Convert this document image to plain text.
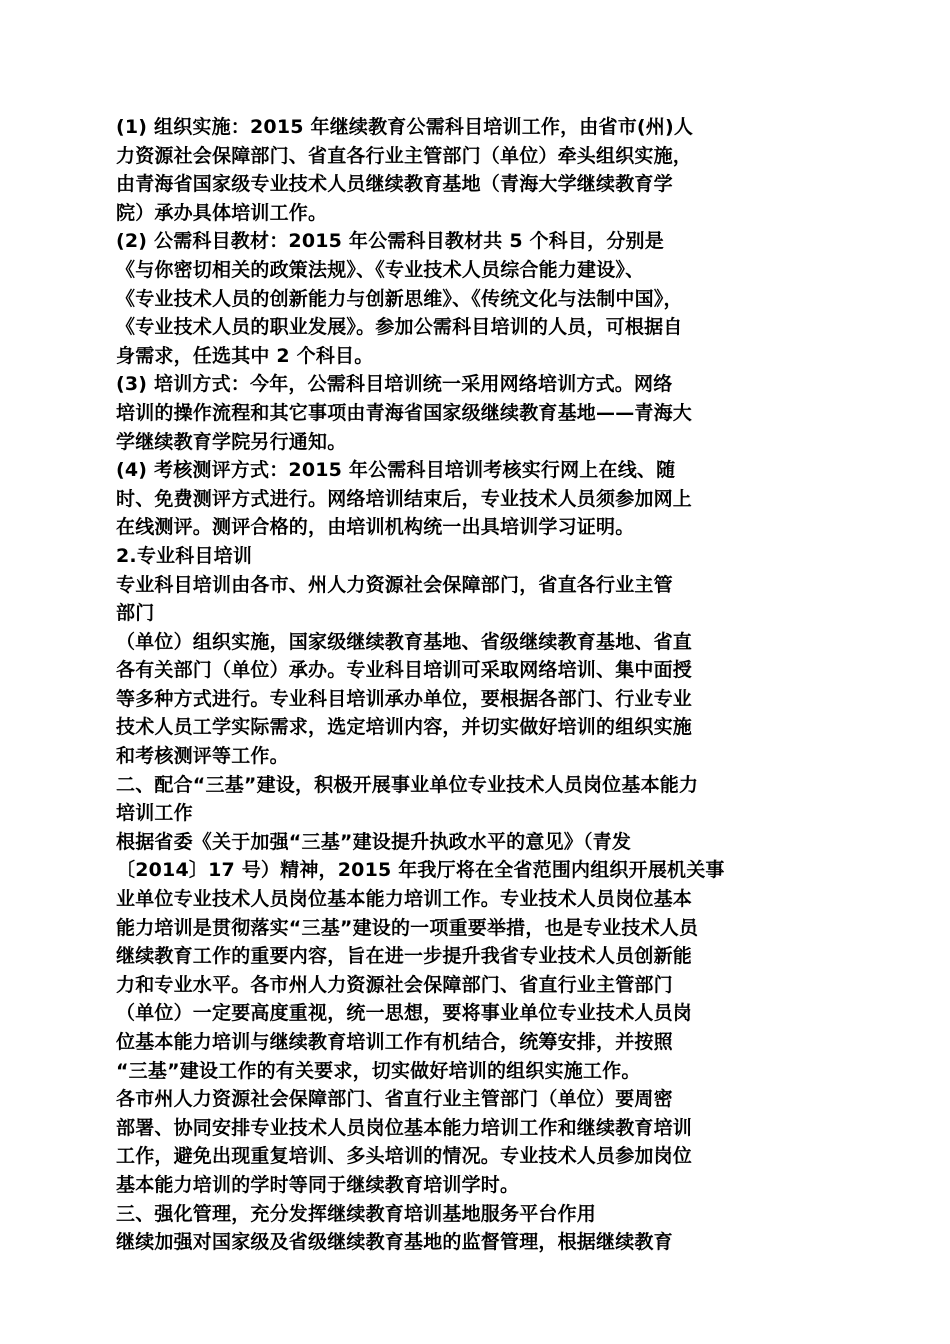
(1) 组织实施：2015 年继续教育公需科目培训工作，由省市(州)人
力资源社会保障部门、省直各行业主管部门（单位）牵头组织实施，
由青海省国家级专业技术人员继续教育基地（青海大学继续教育学
院）承办具体培训工作。
(2) 公需科目教材：2015 年公需科目教材共 5 个科目，分别是
《与你密切相关的政策法规》、《专业技术人员综合能力建设》、
《专业技术人员的创新能力与创新思维》、《传统文化与法制中国》，
《专业技术人员的职业发展》。参加公需科目培训的人员，可根据自
身需求，任选其中 2 个科目。
(3) 培训方式：今年，公需科目培训统一采用网络培训方式。网络
培训的操作流程和其它事项由青海省国家级继续教育基地——青海大
学继续教育学院另行通知。
(4) 考核测评方式：2015 年公需科目培训考核实行网上在线、随
时、免费测评方式进行。网络培训结束后，专业技术人员须参加网上
在线测评。测评合格的，由培训机构统一出具培训学习证明。
2.专业科目培训
专业科目培训由各市、州人力资源社会保障部门，省直各行业主管
部门
（单位）组织实施，国家级继续教育基地、省级继续教育基地、省直
各有关部门（单位）承办。专业科目培训可采取网络培训、集中面授
等多种方式进行。专业科目培训承办单位，要根据各部门、行业专业
技术人员工学实际需求，选定培训内容，并切实做好培训的组织实施
和考核测评等工作。
二、配合“三基”建设，积极开展事业单位专业技术人员岗位基本能力
培训工作
根据省委《关于加强“三基”建设提升执政水平的意见》（青发
〔2014〕17 号）精神，2015 年我厅将在全省范围内组织开展机关事
业单位专业技术人员岗位基本能力培训工作。专业技术人员岗位基本
能力培训是贯彻落实“三基”建设的一项重要举措，也是专业技术人员
继续教育工作的重要内容，旨在进一步提升我省专业技术人员创新能
力和专业水平。各市州人力资源社会保障部门、省直行业主管部门
（单位）一定要高度重视，统一思想，要将事业单位专业技术人员岗
位基本能力培训与继续教育培训工作有机结合，统筹安排，并按照
“三基”建设工作的有关要求，切实做好培训的组织实施工作。
各市州人力资源社会保障部门、省直行业主管部门（单位）要周密
部署、协同安排专业技术人员岗位基本能力培训工作和继续教育培训
工作，避免出现重复培训、多头培训的情况。专业技术人员参加岗位
基本能力培训的学时等同于继续教育培训学时。
三、强化管理，充分发挥继续教育培训基地服务平台作用
继续加强对国家级及省级继续教育基地的监督管理，根据继续教育
